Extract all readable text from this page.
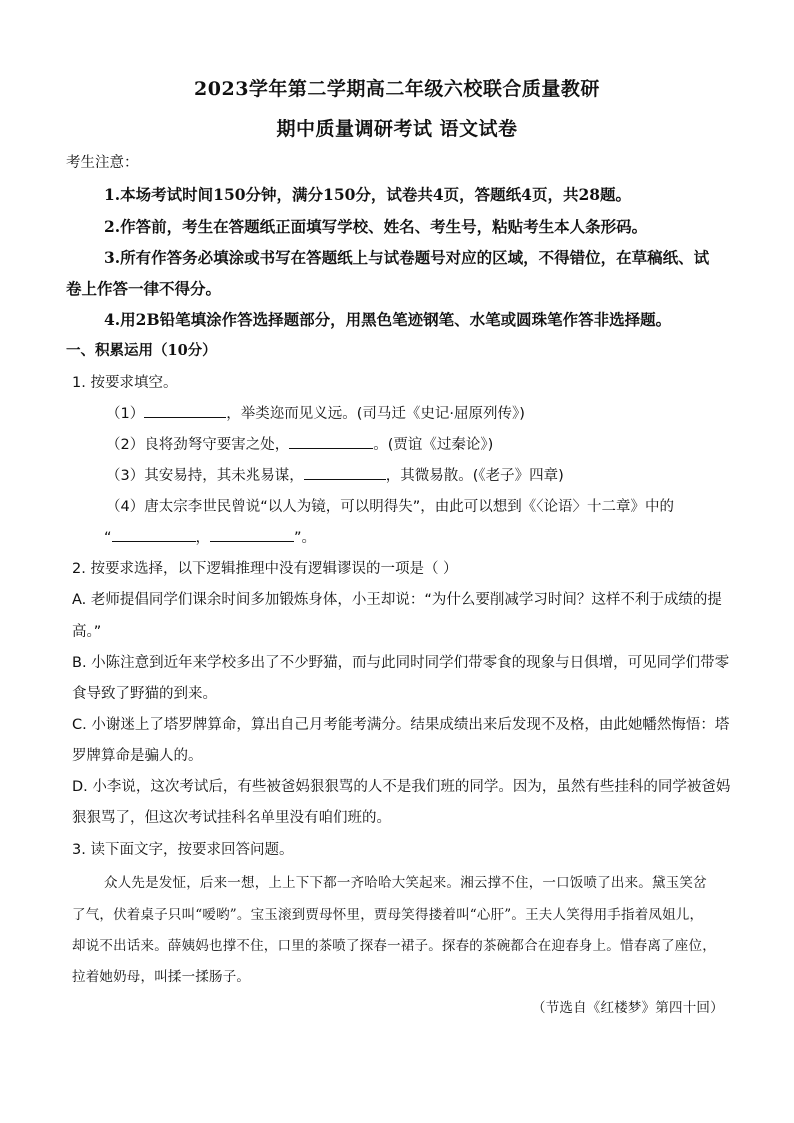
2023学年第二学期高二年级六校联合质量教研
期中质量调研考试 语文试卷
考生注意：
1.本场考试时间150分钟，满分150分，试卷共4页，答题纸4页，共28题。
2.作答前，考生在答题纸正面填写学校、姓名、考生号，粘贴考生本人条形码。
3.所有作答务必填涂或书写在答题纸上与试卷题号对应的区域，不得错位，在草稿纸、试
卷上作答一律不得分。
4.用2B铅笔填涂作答选择题部分，用黑色笔迹钢笔、水笔或圆珠笔作答非选择题。
一、积累运用（10分）
1. 按要求填空。
（1）	，举类迩而见义远。(司马迁《史记·屈原列传》)
（2）良将劲弩守要害之处，	。(贾谊《过秦论》)
（3）其安易持，其未兆易谋，	，其微易散。(《老子》四章)
（4）唐太宗李世民曾说“以人为镜，可以明得失”，由此可以想到《〈论语〉十二章》中的
“	，	”。
2. 按要求选择，以下逻辑推理中没有逻辑谬误的一项是（ ）
A. 老师提倡同学们课余时间多加锻炼身体，小王却说：“为什么要削减学习时间？这样不利于成绩的提
高。”
B. 小陈注意到近年来学校多出了不少野猫，而与此同时同学们带零食的现象与日俱增，可见同学们带零
食导致了野猫的到来。
C. 小谢迷上了塔罗牌算命，算出自己月考能考满分。结果成绩出来后发现不及格，由此她幡然悔悟：塔
罗牌算命是骗人的。
D. 小李说，这次考试后，有些被爸妈狠狠骂的人不是我们班的同学。因为，虽然有些挂科的同学被爸妈
狠狠骂了，但这次考试挂科名单里没有咱们班的。
3. 读下面文字，按要求回答问题。
众人先是发怔，后来一想，上上下下都一齐哈哈大笑起来。湘云撑不住，一口饭喷了出来。黛玉笑岔
了气，伏着桌子只叫“嗳哟”。宝玉滚到贾母怀里，贾母笑得搂着叫“心肝”。王夫人笑得用手指着凤姐儿，
却说不出话来。薛姨妈也撑不住，口里的茶喷了探春一裙子。探春的茶碗都合在迎春身上。惜春离了座位，
拉着她奶母，叫揉一揉肠子。
（节选自《红楼梦》第四十回）
